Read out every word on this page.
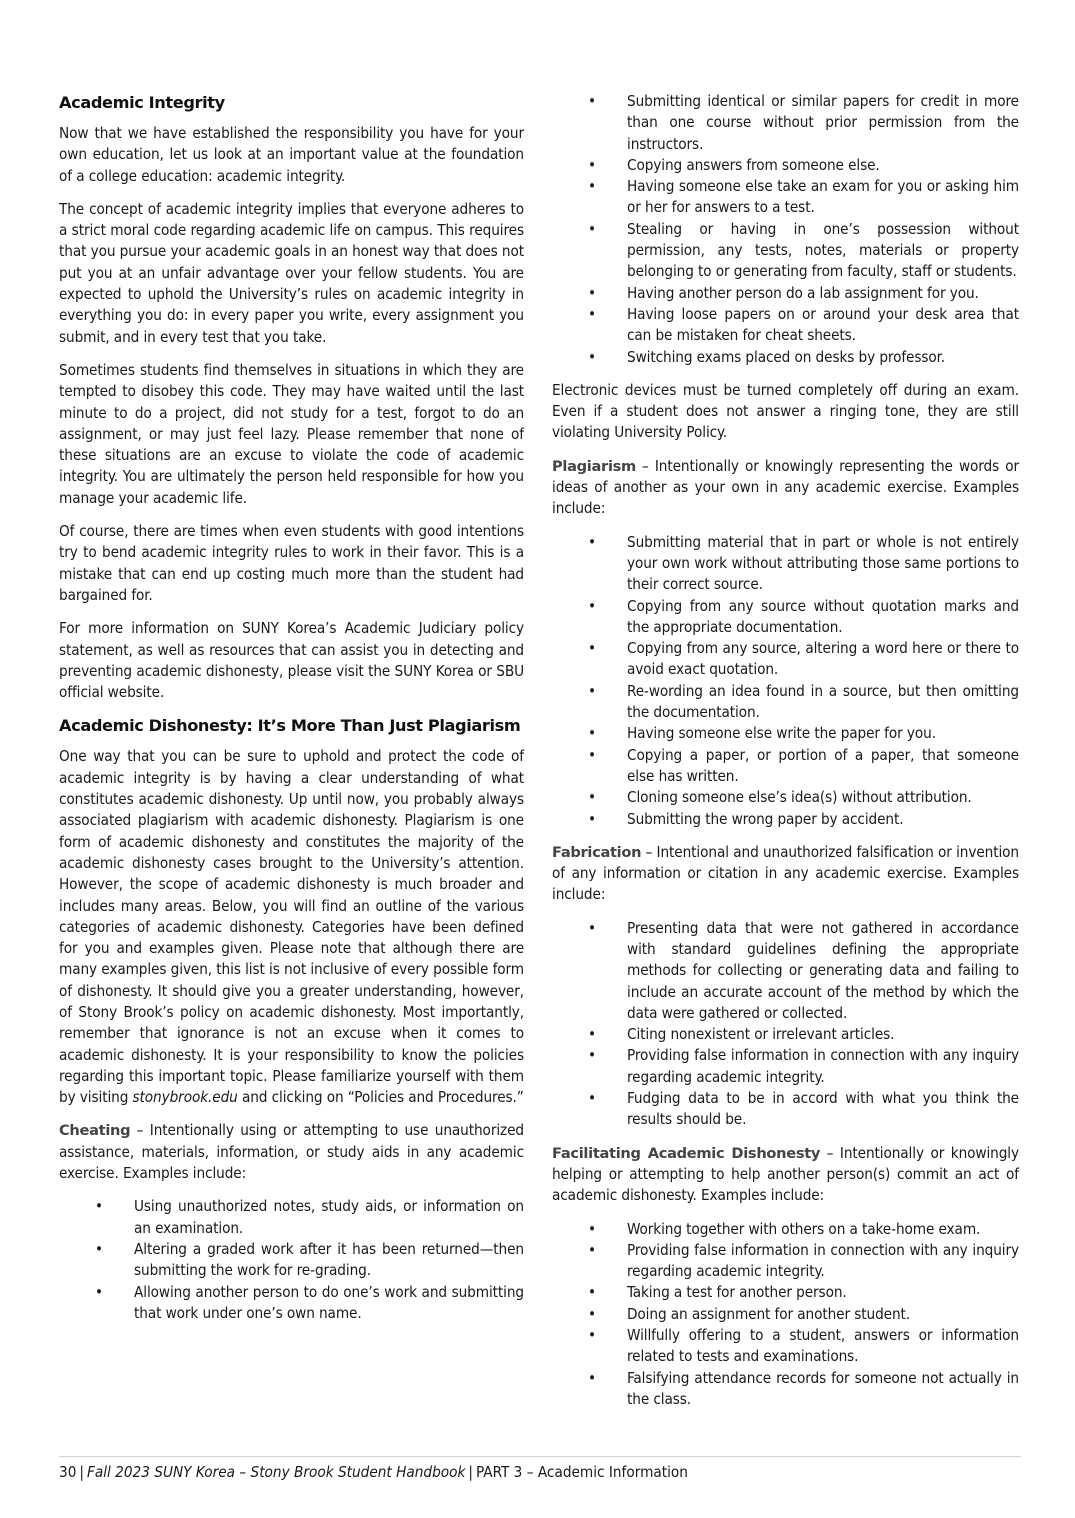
Academic Integrity

Now that we have established the responsibility you have for your own education, let us look at an important value at the foundation of a college education: academic integrity.

The concept of academic integrity implies that everyone adheres to a strict moral code regarding academic life on campus. This requires that you pursue your academic goals in an honest way that does not put you at an unfair advantage over your fellow students. You are expected to uphold the University’s rules on academic integrity in everything you do: in every paper you write, every assignment you submit, and in every test that you take.

Sometimes students find themselves in situations in which they are tempted to disobey this code. They may have waited until the last minute to do a project, did not study for a test, forgot to do an assignment, or may just feel lazy. Please remember that none of these situations are an excuse to violate the code of academic integrity. You are ultimately the person held responsible for how you manage your academic life.

Of course, there are times when even students with good intentions try to bend academic integrity rules to work in their favor. This is a mistake that can end up costing much more than the student had bargained for.

For more information on SUNY Korea’s Academic Judiciary policy statement, as well as resources that can assist you in detecting and preventing academic dishonesty, please visit the SUNY Korea or SBU official website.

Academic Dishonesty: It’s More Than Just Plagiarism

One way that you can be sure to uphold and protect the code of academic integrity is by having a clear understanding of what constitutes academic dishonesty. Up until now, you probably always associated plagiarism with academic dishonesty. Plagiarism is one form of academic dishonesty and constitutes the majority of the academic dishonesty cases brought to the University’s attention. However, the scope of academic dishonesty is much broader and includes many areas. Below, you will find an outline of the various categories of academic dishonesty. Categories have been defined for you and examples given. Please note that although there are many examples given, this list is not inclusive of every possible form of dishonesty. It should give you a greater understanding, however, of Stony Brook’s policy on academic dishonesty. Most importantly, remember that ignorance is not an excuse when it comes to academic dishonesty. It is your responsibility to know the policies regarding this important topic. Please familiarize yourself with them by visiting stonybrook.edu and clicking on “Policies and Procedures.”

Cheating – Intentionally using or attempting to use unauthorized assistance, materials, information, or study aids in any academic exercise. Examples include:

• Using unauthorized notes, study aids, or information on an examination.
• Altering a graded work after it has been returned—then submitting the work for re-grading.
• Allowing another person to do one’s work and submitting that work under one’s own name.
• Submitting identical or similar papers for credit in more than one course without prior permission from the instructors.
• Copying answers from someone else.
• Having someone else take an exam for you or asking him or her for answers to a test.
• Stealing or having in one’s possession without permission, any tests, notes, materials or property belonging to or generating from faculty, staff or students.
• Having another person do a lab assignment for you.
• Having loose papers on or around your desk area that can be mistaken for cheat sheets.
• Switching exams placed on desks by professor.

Electronic devices must be turned completely off during an exam. Even if a student does not answer a ringing tone, they are still violating University Policy.

Plagiarism – Intentionally or knowingly representing the words or ideas of another as your own in any academic exercise. Examples include:

• Submitting material that in part or whole is not entirely your own work without attributing those same portions to their correct source.
• Copying from any source without quotation marks and the appropriate documentation.
• Copying from any source, altering a word here or there to avoid exact quotation.
• Re-wording an idea found in a source, but then omitting the documentation.
• Having someone else write the paper for you.
• Copying a paper, or portion of a paper, that someone else has written.
• Cloning someone else’s idea(s) without attribution.
• Submitting the wrong paper by accident.

Fabrication – Intentional and unauthorized falsification or invention of any information or citation in any academic exercise. Examples include:

• Presenting data that were not gathered in accordance with standard guidelines defining the appropriate methods for collecting or generating data and failing to include an accurate account of the method by which the data were gathered or collected.
• Citing nonexistent or irrelevant articles.
• Providing false information in connection with any inquiry regarding academic integrity.
• Fudging data to be in accord with what you think the results should be.

Facilitating Academic Dishonesty – Intentionally or knowingly helping or attempting to help another person(s) commit an act of academic dishonesty. Examples include:

• Working together with others on a take-home exam.
• Providing false information in connection with any inquiry regarding academic integrity.
• Taking a test for another person.
• Doing an assignment for another student.
• Willfully offering to a student, answers or information related to tests and examinations.
• Falsifying attendance records for someone not actually in the class.
30 | Fall 2023 SUNY Korea – Stony Brook Student Handbook | PART 3 – Academic Information
